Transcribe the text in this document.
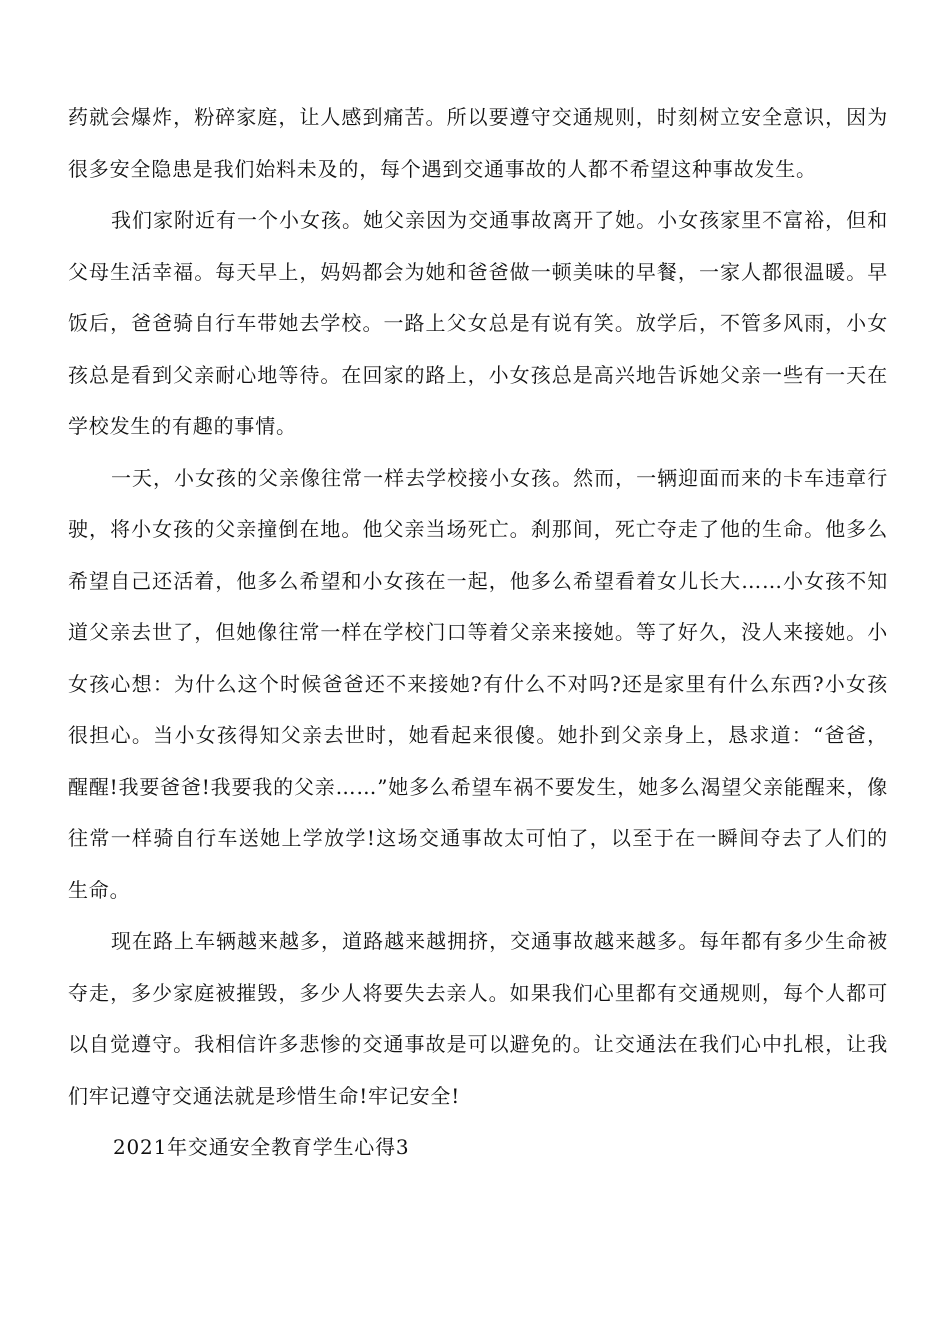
药就会爆炸，粉碎家庭，让人感到痛苦。所以要遵守交通规则，时刻树立安全意识，因为很多安全隐患是我们始料未及的，每个遇到交通事故的人都不希望这种事故发生。

我们家附近有一个小女孩。她父亲因为交通事故离开了她。小女孩家里不富裕，但和父母生活幸福。每天早上，妈妈都会为她和爸爸做一顿美味的早餐，一家人都很温暖。早饭后，爸爸骑自行车带她去学校。一路上父女总是有说有笑。放学后，不管多风雨，小女孩总是看到父亲耐心地等待。在回家的路上，小女孩总是高兴地告诉她父亲一些有一天在学校发生的有趣的事情。

一天，小女孩的父亲像往常一样去学校接小女孩。然而，一辆迎面而来的卡车违章行驶，将小女孩的父亲撞倒在地。他父亲当场死亡。刹那间，死亡夺走了他的生命。他多么希望自己还活着，他多么希望和小女孩在一起，他多么希望看着女儿长大……小女孩不知道父亲去世了，但她像往常一样在学校门口等着父亲来接她。等了好久，没人来接她。小女孩心想：为什么这个时候爸爸还不来接她?有什么不对吗?还是家里有什么东西?小女孩很担心。当小女孩得知父亲去世时，她看起来很傻。她扑到父亲身上，恳求道：“爸爸，醒醒!我要爸爸!我要我的父亲……”她多么希望车祸不要发生，她多么渴望父亲能醒来，像往常一样骑自行车送她上学放学!这场交通事故太可怕了，以至于在一瞬间夺去了人们的生命。

现在路上车辆越来越多，道路越来越拥挤，交通事故越来越多。每年都有多少生命被夺走，多少家庭被摧毁，多少人将要失去亲人。如果我们心里都有交通规则，每个人都可以自觉遵守。我相信许多悲惨的交通事故是可以避免的。让交通法在我们心中扎根，让我们牢记遵守交通法就是珍惜生命!牢记安全!

2021年交通安全教育学生心得3
